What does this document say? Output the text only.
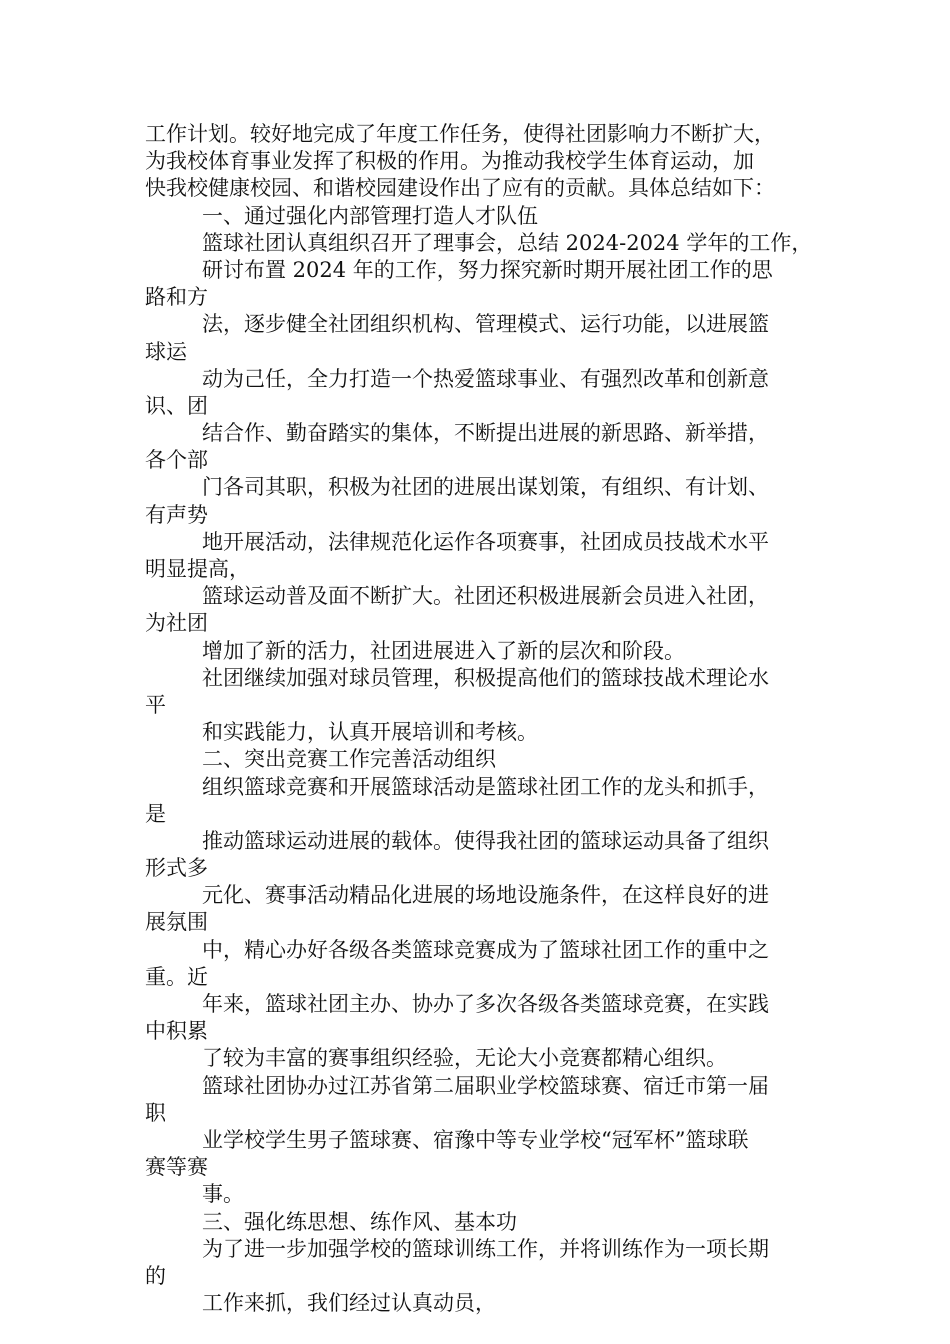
工作计划。较好地完成了年度工作任务，使得社团影响力不断扩大，
为我校体育事业发挥了积极的作用。为推动我校学生体育运动，加
快我校健康校园、和谐校园建设作出了应有的贡献。具体总结如下：
一、通过强化内部管理打造人才队伍
篮球社团认真组织召开了理事会，总结 2024-2024 学年的工作，
研讨布置 2024 年的工作，努力探究新时期开展社团工作的思
路和方
法，逐步健全社团组织机构、管理模式、运行功能，以进展篮
球运
动为己任，全力打造一个热爱篮球事业、有强烈改革和创新意
识、团
结合作、勤奋踏实的集体，不断提出进展的新思路、新举措，
各个部
门各司其职，积极为社团的进展出谋划策，有组织、有计划、
有声势
地开展活动，法律规范化运作各项赛事，社团成员技战术水平
明显提高，
篮球运动普及面不断扩大。社团还积极进展新会员进入社团，
为社团
增加了新的活力，社团进展进入了新的层次和阶段。
社团继续加强对球员管理，积极提高他们的篮球技战术理论水
平
和实践能力，认真开展培训和考核。
二、突出竞赛工作完善活动组织
组织篮球竞赛和开展篮球活动是篮球社团工作的龙头和抓手，
是
推动篮球运动进展的载体。使得我社团的篮球运动具备了组织
形式多
元化、赛事活动精品化进展的场地设施条件，在这样良好的进
展氛围
中，精心办好各级各类篮球竞赛成为了篮球社团工作的重中之
重。近
年来，篮球社团主办、协办了多次各级各类篮球竞赛，在实践
中积累
了较为丰富的赛事组织经验，无论大小竞赛都精心组织。
篮球社团协办过江苏省第二届职业学校篮球赛、宿迁市第一届
职
业学校学生男子篮球赛、宿豫中等专业学校“冠军杯”篮球联
赛等赛
事。
三、强化练思想、练作风、基本功
为了进一步加强学校的篮球训练工作，并将训练作为一项长期
的
工作来抓，我们经过认真动员，
